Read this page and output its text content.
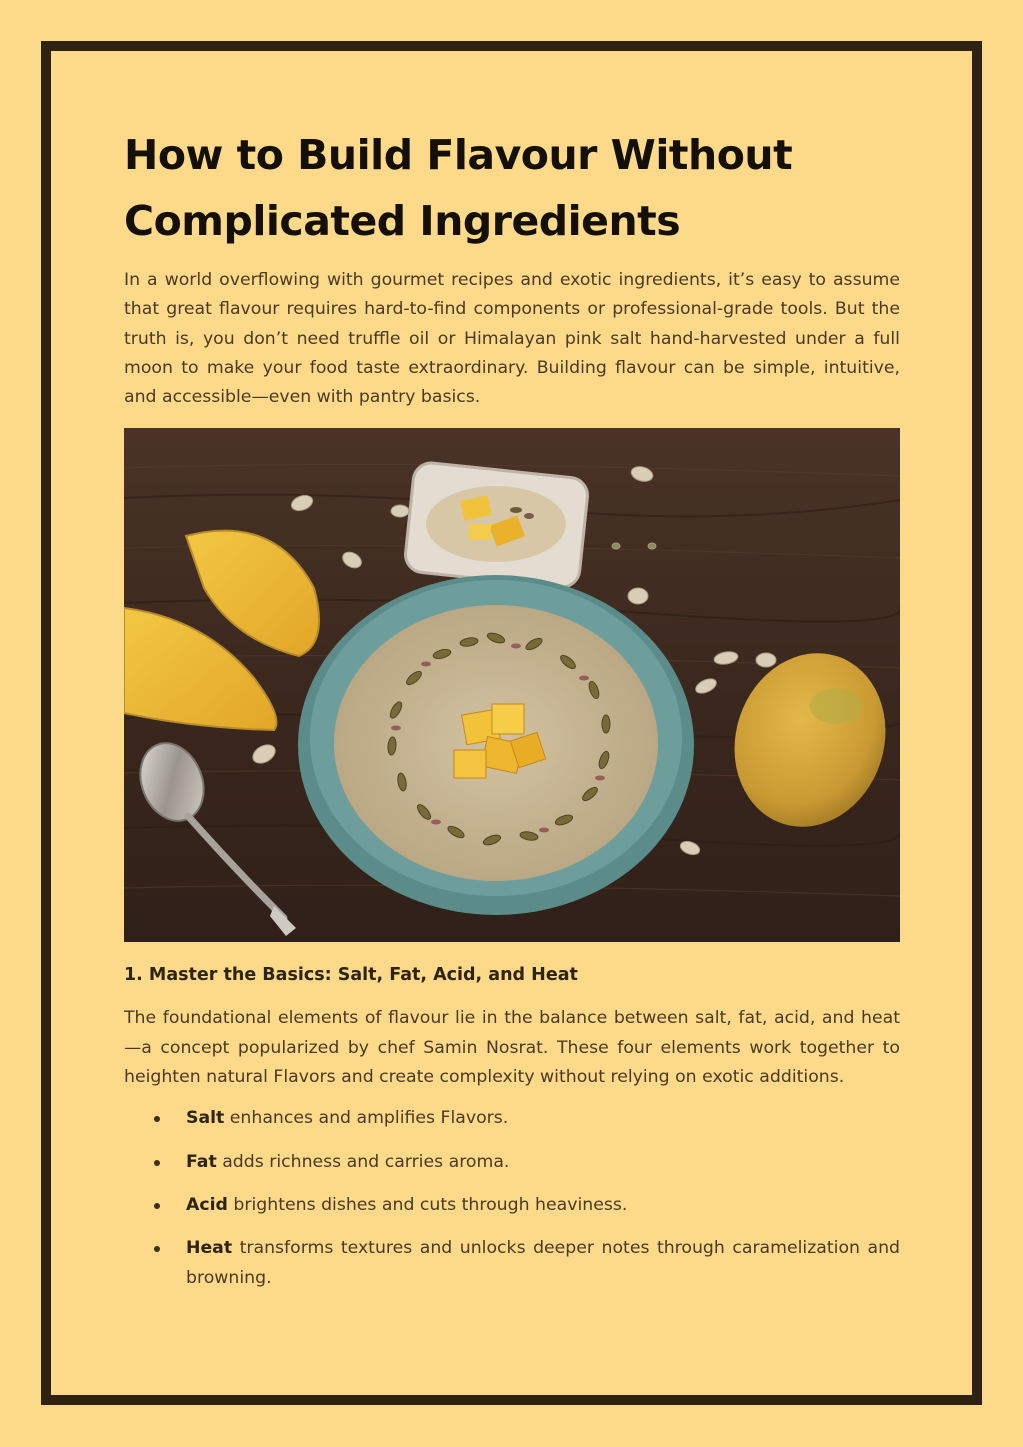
How to Build Flavour Without
Complicated Ingredients

In a world overflowing with gourmet recipes and exotic ingredients, it’s easy to assume that great flavour requires hard-to-find components or professional-grade tools. But the truth is, you don’t need truffle oil or Himalayan pink salt hand-harvested under a full moon to make your food taste extraordinary. Building flavour can be simple, intuitive, and accessible—even with pantry basics.

1. Master the Basics: Salt, Fat, Acid, and Heat

The foundational elements of flavour lie in the balance between salt, fat, acid, and heat—a concept popularized by chef Samin Nosrat. These four elements work together to heighten natural Flavors and create complexity without relying on exotic additions.

Salt enhances and amplifies Flavors.
Fat adds richness and carries aroma.
Acid brightens dishes and cuts through heaviness.
Heat transforms textures and unlocks deeper notes through caramelization and browning.
